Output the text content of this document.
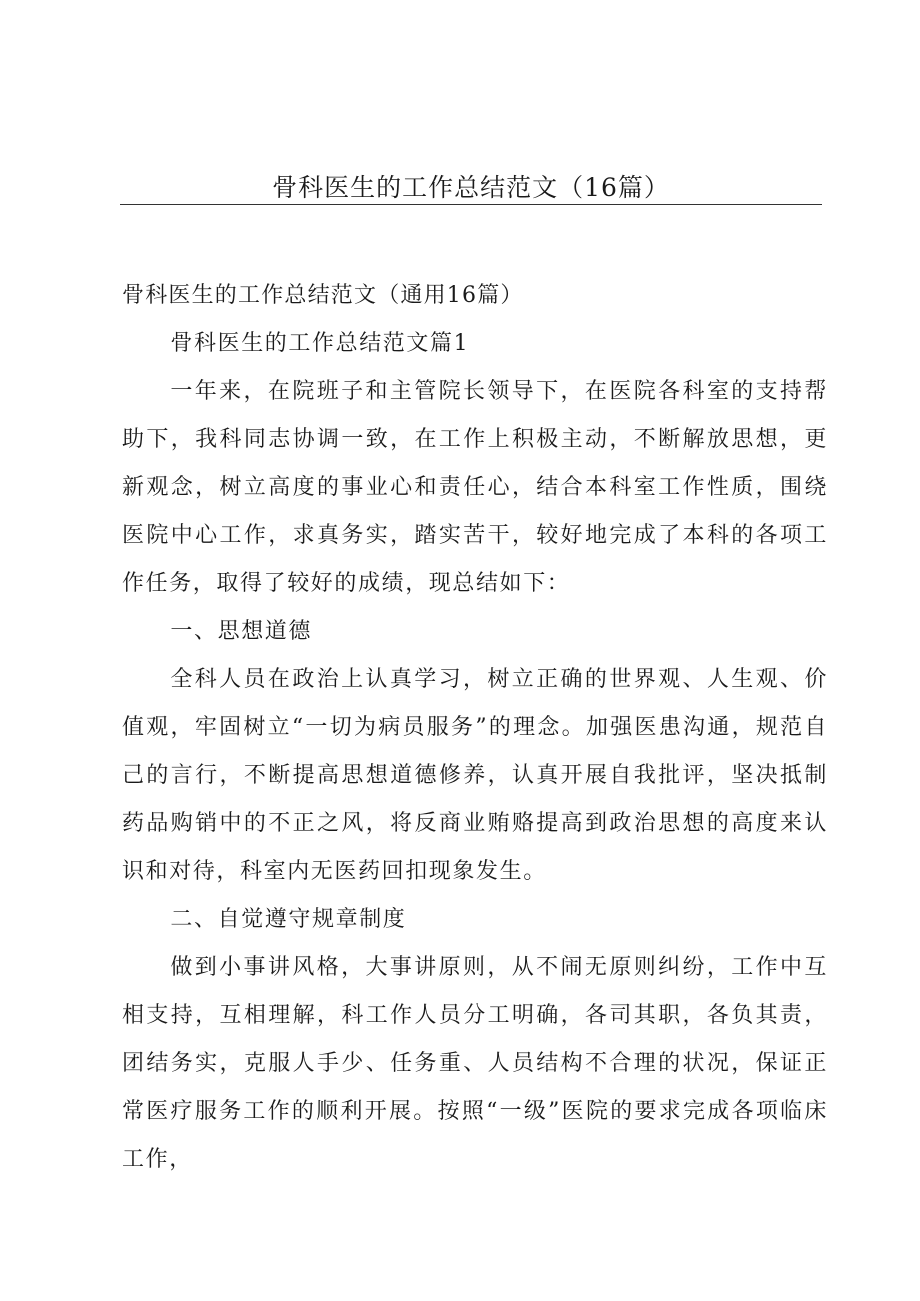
骨科医生的工作总结范文（16篇）

骨科医生的工作总结范文（通用16篇）

骨科医生的工作总结范文篇1

一年来，在院班子和主管院长领导下，在医院各科室的支持帮助下，我科同志协调一致，在工作上积极主动，不断解放思想，更新观念，树立高度的事业心和责任心，结合本科室工作性质，围绕医院中心工作，求真务实，踏实苦干，较好地完成了本科的各项工作任务，取得了较好的成绩，现总结如下：

一、思想道德

全科人员在政治上认真学习，树立正确的世界观、人生观、价值观，牢固树立“一切为病员服务”的理念。加强医患沟通，规范自己的言行，不断提高思想道德修养，认真开展自我批评，坚决抵制药品购销中的不正之风，将反商业贿赂提高到政治思想的高度来认识和对待，科室内无医药回扣现象发生。

二、自觉遵守规章制度

做到小事讲风格，大事讲原则，从不闹无原则纠纷，工作中互相支持，互相理解，科工作人员分工明确，各司其职，各负其责，团结务实，克服人手少、任务重、人员结构不合理的状况，保证正常医疗服务工作的顺利开展。按照“一级”医院的要求完成各项临床工作，
